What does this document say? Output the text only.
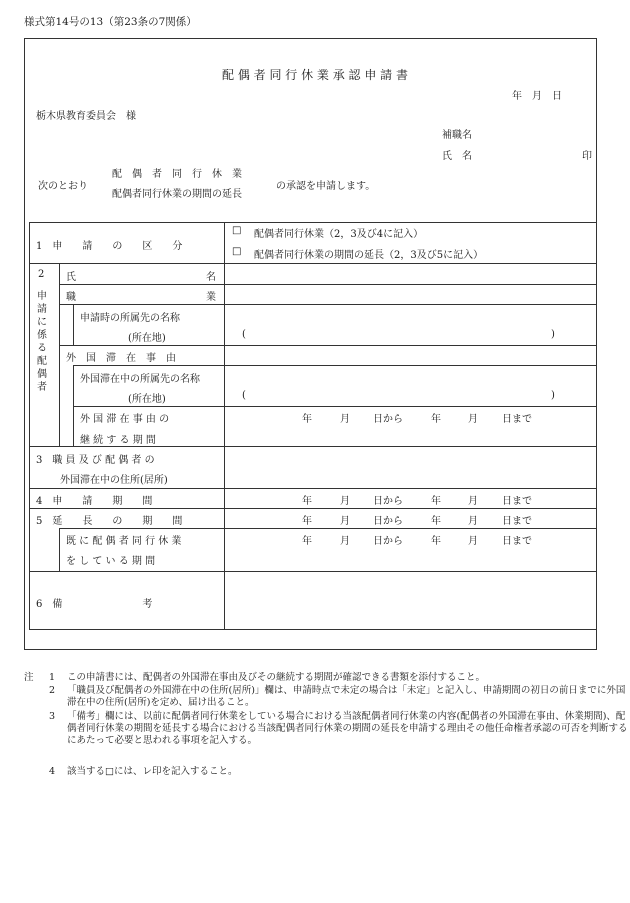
様式第14号の13（第23条の7関係）
配 偶 者 同 行 休 業 承 認 申 請 書
年　月　日
栃木県教育委員会　様
補職名
氏　名	印
次のとおり
配　偶　者　同　行　休　業
配偶者同行休業の期間の延長
の承認を申請します。
1　申　　請　　の　　区　　分
□ 配偶者同行休業（2，3及び4に記入）
□ 配偶者同行休業の期間の延長（2，3及び5に記入）
2
申請に係る配偶者
氏	名
職	業
申請時の所属先の名称
(所在地)	(	)
外　国　滞　在　事　由
外国滞在中の所属先の名称
(所在地)	(	)
外 国 滞 在 事 由 の
継 続 す る 期 間
年	月 日から	年	月 日まで
3　職 員 及 び 配 偶 者 の
外国滞在中の住所(居所)
4　申　　請　　期　　間	年	月 日から	年	月 日まで
5　延　　長　　の　　期　　間	年	月 日から	年	月 日まで
既 に 配 偶 者 同 行 休 業
を し て い る 期 間
年	月 日から	年	月 日まで
6　備　　　　　　　　考
注 1 この申請書には、配偶者の外国滞在事由及びその継続する期間が確認できる書類を添付すること。
2 「職員及び配偶者の外国滞在中の住所(居所)」欄は、申請時点で未定の場合は「未定」と記入し、申請期間の初日の前日までに外国滞在中の住所(居所)を定め、届け出ること。
3 「備考」欄には、以前に配偶者同行休業をしている場合における当該配偶者同行休業の内容(配偶者の外国滞在事由、休業期間)、配偶者同行休業の期間を延長する場合における当該配偶者同行休業の期間の延長を申請する理由その他任命権者承認の可否を判断するにあたって必要と思われる事項を記入する。
4 該当する□には、レ印を記入すること。
